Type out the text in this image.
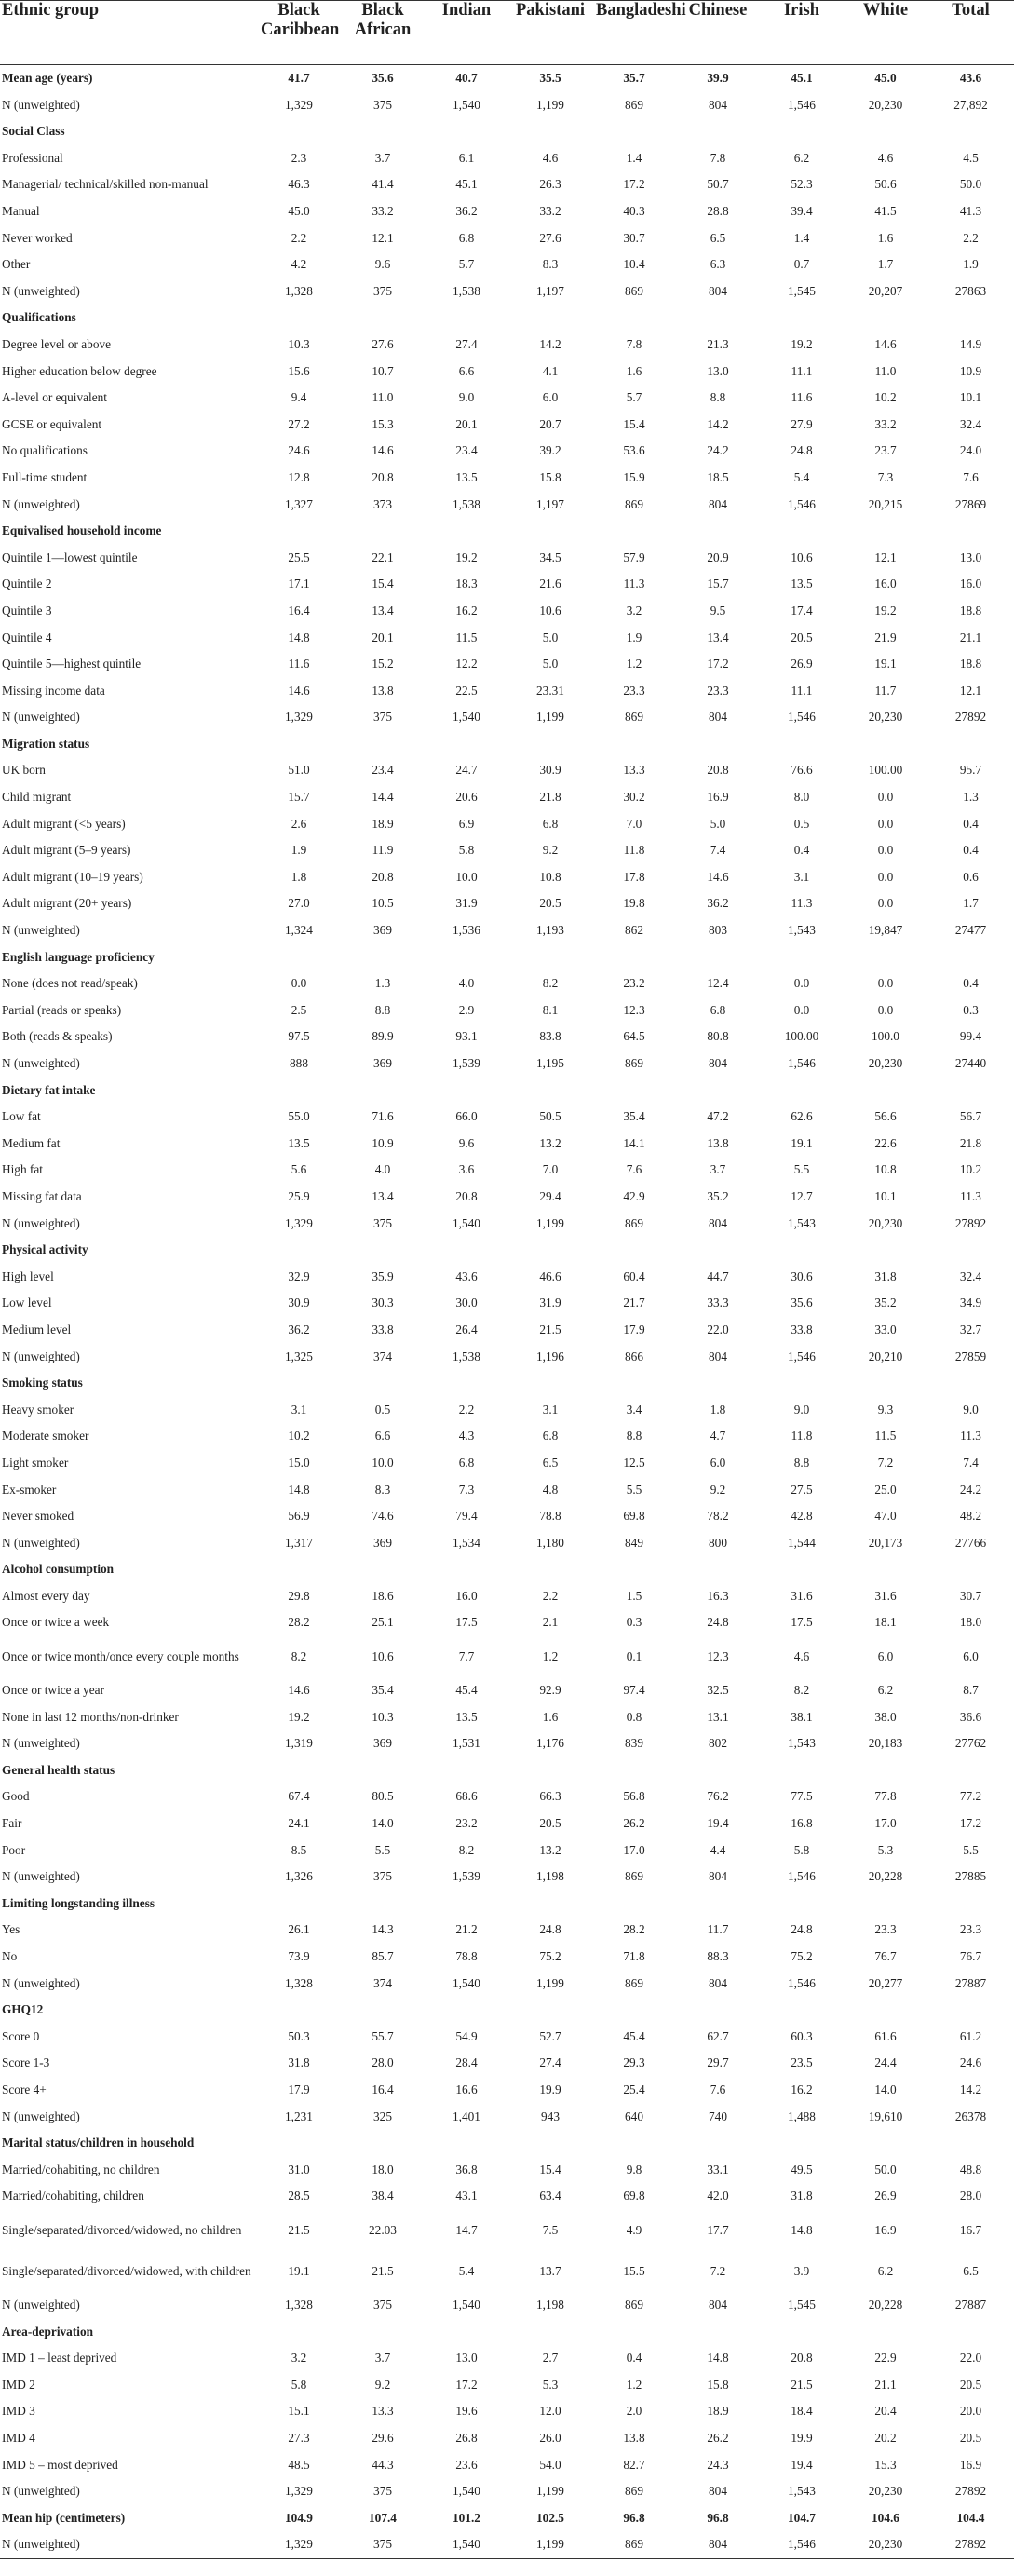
Ethnic group	Black Caribbean	Black African	Indian	Pakistani	Bangladeshi	Chinese	Irish	White	Total
Mean age (years)	41.7	35.6	40.7	35.5	35.7	39.9	45.1	45.0	43.6
N (unweighted)	1,329	375	1,540	1,199	869	804	1,546	20,230	27,892
Social Class									
Professional	2.3	3.7	6.1	4.6	1.4	7.8	6.2	4.6	4.5
Managerial/ technical/skilled non-manual	46.3	41.4	45.1	26.3	17.2	50.7	52.3	50.6	50.0
Manual	45.0	33.2	36.2	33.2	40.3	28.8	39.4	41.5	41.3
Never worked	2.2	12.1	6.8	27.6	30.7	6.5	1.4	1.6	2.2
Other	4.2	9.6	5.7	8.3	10.4	6.3	0.7	1.7	1.9
N (unweighted)	1,328	375	1,538	1,197	869	804	1,545	20,207	27863
Qualifications									
Degree level or above	10.3	27.6	27.4	14.2	7.8	21.3	19.2	14.6	14.9
Higher education below degree	15.6	10.7	6.6	4.1	1.6	13.0	11.1	11.0	10.9
A-level or equivalent	9.4	11.0	9.0	6.0	5.7	8.8	11.6	10.2	10.1
GCSE or equivalent	27.2	15.3	20.1	20.7	15.4	14.2	27.9	33.2	32.4
No qualifications	24.6	14.6	23.4	39.2	53.6	24.2	24.8	23.7	24.0
Full-time student	12.8	20.8	13.5	15.8	15.9	18.5	5.4	7.3	7.6
N (unweighted)	1,327	373	1,538	1,197	869	804	1,546	20,215	27869
Equivalised household income									
Quintile 1—lowest quintile	25.5	22.1	19.2	34.5	57.9	20.9	10.6	12.1	13.0
Quintile 2	17.1	15.4	18.3	21.6	11.3	15.7	13.5	16.0	16.0
Quintile 3	16.4	13.4	16.2	10.6	3.2	9.5	17.4	19.2	18.8
Quintile 4	14.8	20.1	11.5	5.0	1.9	13.4	20.5	21.9	21.1
Quintile 5—highest quintile	11.6	15.2	12.2	5.0	1.2	17.2	26.9	19.1	18.8
Missing income data	14.6	13.8	22.5	23.31	23.3	23.3	11.1	11.7	12.1
N (unweighted)	1,329	375	1,540	1,199	869	804	1,546	20,230	27892
Migration status									
UK born	51.0	23.4	24.7	30.9	13.3	20.8	76.6	100.00	95.7
Child migrant	15.7	14.4	20.6	21.8	30.2	16.9	8.0	0.0	1.3
Adult migrant (<5 years)	2.6	18.9	6.9	6.8	7.0	5.0	0.5	0.0	0.4
Adult migrant (5–9 years)	1.9	11.9	5.8	9.2	11.8	7.4	0.4	0.0	0.4
Adult migrant (10–19 years)	1.8	20.8	10.0	10.8	17.8	14.6	3.1	0.0	0.6
Adult migrant (20+ years)	27.0	10.5	31.9	20.5	19.8	36.2	11.3	0.0	1.7
N (unweighted)	1,324	369	1,536	1,193	862	803	1,543	19,847	27477
English language proficiency									
None (does not read/speak)	0.0	1.3	4.0	8.2	23.2	12.4	0.0	0.0	0.4
Partial (reads or speaks)	2.5	8.8	2.9	8.1	12.3	6.8	0.0	0.0	0.3
Both (reads & speaks)	97.5	89.9	93.1	83.8	64.5	80.8	100.00	100.0	99.4
N (unweighted)	888	369	1,539	1,195	869	804	1,546	20,230	27440
Dietary fat intake									
Low fat	55.0	71.6	66.0	50.5	35.4	47.2	62.6	56.6	56.7
Medium fat	13.5	10.9	9.6	13.2	14.1	13.8	19.1	22.6	21.8
High fat	5.6	4.0	3.6	7.0	7.6	3.7	5.5	10.8	10.2
Missing fat data	25.9	13.4	20.8	29.4	42.9	35.2	12.7	10.1	11.3
N (unweighted)	1,329	375	1,540	1,199	869	804	1,543	20,230	27892
Physical activity									
High level	32.9	35.9	43.6	46.6	60.4	44.7	30.6	31.8	32.4
Low level	30.9	30.3	30.0	31.9	21.7	33.3	35.6	35.2	34.9
Medium level	36.2	33.8	26.4	21.5	17.9	22.0	33.8	33.0	32.7
N (unweighted)	1,325	374	1,538	1,196	866	804	1,546	20,210	27859
Smoking status									
Heavy smoker	3.1	0.5	2.2	3.1	3.4	1.8	9.0	9.3	9.0
Moderate smoker	10.2	6.6	4.3	6.8	8.8	4.7	11.8	11.5	11.3
Light smoker	15.0	10.0	6.8	6.5	12.5	6.0	8.8	7.2	7.4
Ex-smoker	14.8	8.3	7.3	4.8	5.5	9.2	27.5	25.0	24.2
Never smoked	56.9	74.6	79.4	78.8	69.8	78.2	42.8	47.0	48.2
N (unweighted)	1,317	369	1,534	1,180	849	800	1,544	20,173	27766
Alcohol consumption									
Almost every day	29.8	18.6	16.0	2.2	1.5	16.3	31.6	31.6	30.7
Once or twice a week	28.2	25.1	17.5	2.1	0.3	24.8	17.5	18.1	18.0
Once or twice month/once every couple months	8.2	10.6	7.7	1.2	0.1	12.3	4.6	6.0	6.0
Once or twice a year	14.6	35.4	45.4	92.9	97.4	32.5	8.2	6.2	8.7
None in last 12 months/non-drinker	19.2	10.3	13.5	1.6	0.8	13.1	38.1	38.0	36.6
N (unweighted)	1,319	369	1,531	1,176	839	802	1,543	20,183	27762
General health status									
Good	67.4	80.5	68.6	66.3	56.8	76.2	77.5	77.8	77.2
Fair	24.1	14.0	23.2	20.5	26.2	19.4	16.8	17.0	17.2
Poor	8.5	5.5	8.2	13.2	17.0	4.4	5.8	5.3	5.5
N (unweighted)	1,326	375	1,539	1,198	869	804	1,546	20,228	27885
Limiting longstanding illness									
Yes	26.1	14.3	21.2	24.8	28.2	11.7	24.8	23.3	23.3
No	73.9	85.7	78.8	75.2	71.8	88.3	75.2	76.7	76.7
N (unweighted)	1,328	374	1,540	1,199	869	804	1,546	20,277	27887
GHQ12									
Score 0	50.3	55.7	54.9	52.7	45.4	62.7	60.3	61.6	61.2
Score 1-3	31.8	28.0	28.4	27.4	29.3	29.7	23.5	24.4	24.6
Score 4+	17.9	16.4	16.6	19.9	25.4	7.6	16.2	14.0	14.2
N (unweighted)	1,231	325	1,401	943	640	740	1,488	19,610	26378
Marital status/children in household									
Married/cohabiting, no children	31.0	18.0	36.8	15.4	9.8	33.1	49.5	50.0	48.8
Married/cohabiting, children	28.5	38.4	43.1	63.4	69.8	42.0	31.8	26.9	28.0
Single/separated/divorced/widowed, no children	21.5	22.03	14.7	7.5	4.9	17.7	14.8	16.9	16.7
Single/separated/divorced/widowed, with children	19.1	21.5	5.4	13.7	15.5	7.2	3.9	6.2	6.5
N (unweighted)	1,328	375	1,540	1,198	869	804	1,545	20,228	27887
Area-deprivation									
IMD 1 – least deprived	3.2	3.7	13.0	2.7	0.4	14.8	20.8	22.9	22.0
IMD 2	5.8	9.2	17.2	5.3	1.2	15.8	21.5	21.1	20.5
IMD 3	15.1	13.3	19.6	12.0	2.0	18.9	18.4	20.4	20.0
IMD 4	27.3	29.6	26.8	26.0	13.8	26.2	19.9	20.2	20.5
IMD 5 – most deprived	48.5	44.3	23.6	54.0	82.7	24.3	19.4	15.3	16.9
N (unweighted)	1,329	375	1,540	1,199	869	804	1,543	20,230	27892
Mean hip (centimeters)	104.9	107.4	101.2	102.5	96.8	96.8	104.7	104.6	104.4
N (unweighted)	1,329	375	1,540	1,199	869	804	1,546	20,230	27892
